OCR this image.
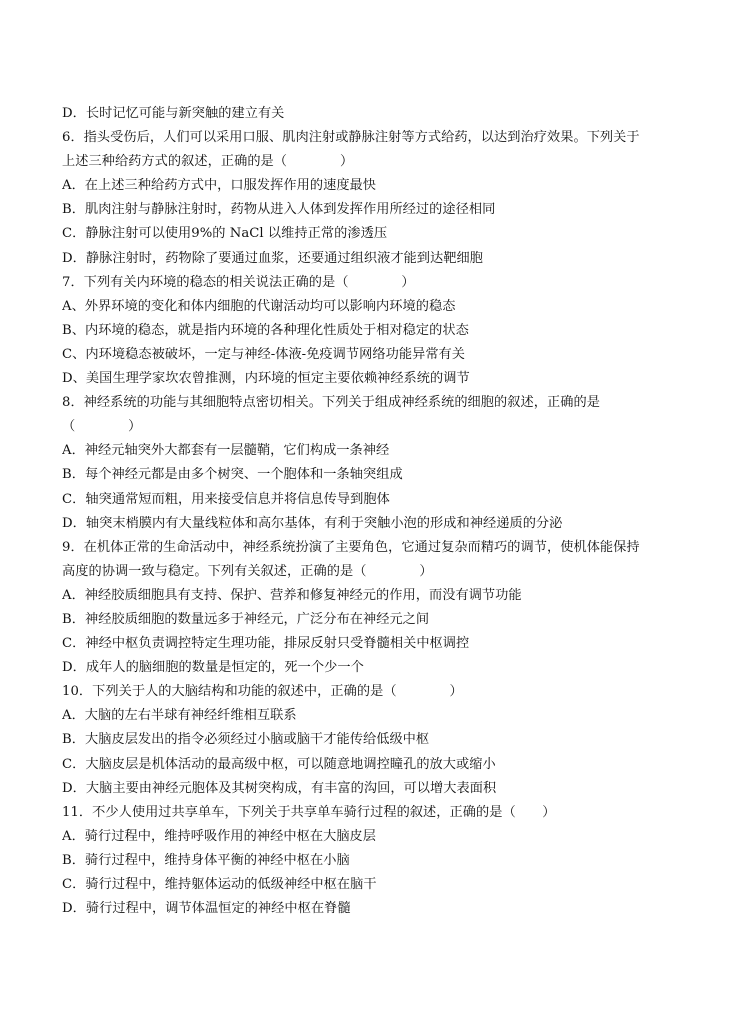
D．长时记忆可能与新突触的建立有关
6．指头受伤后，人们可以采用口服、肌肉注射或静脉注射等方式给药，以达到治疗效果。下列关于
上述三种给药方式的叙述，正确的是（　　　　）
A．在上述三种给药方式中，口服发挥作用的速度最快
B．肌肉注射与静脉注射时，药物从进入人体到发挥作用所经过的途径相同
C．静脉注射可以使用9%的 NaCl 以维持正常的渗透压
D．静脉注射时，药物除了要通过血浆，还要通过组织液才能到达靶细胞
7．下列有关内环境的稳态的相关说法正确的是（　　　　）
A、外界环境的变化和体内细胞的代谢活动均可以影响内环境的稳态
B、内环境的稳态，就是指内环境的各种理化性质处于相对稳定的状态
C、内环境稳态被破坏，一定与神经-体液-免疫调节网络功能异常有关
D、美国生理学家坎农曾推测，内环境的恒定主要依赖神经系统的调节
8．神经系统的功能与其细胞特点密切相关。下列关于组成神经系统的细胞的叙述，正确的是
（　　　　）
A．神经元轴突外大都套有一层髓鞘，它们构成一条神经
B．每个神经元都是由多个树突、一个胞体和一条轴突组成
C．轴突通常短而粗，用来接受信息并将信息传导到胞体
D．轴突末梢膜内有大量线粒体和高尔基体，有利于突触小泡的形成和神经递质的分泌
9．在机体正常的生命活动中，神经系统扮演了主要角色，它通过复杂而精巧的调节，使机体能保持
高度的协调一致与稳定。下列有关叙述，正确的是（　　　　）
A．神经胶质细胞具有支持、保护、营养和修复神经元的作用，而没有调节功能
B．神经胶质细胞的数量远多于神经元，广泛分布在神经元之间
C．神经中枢负责调控特定生理功能，排尿反射只受脊髓相关中枢调控
D．成年人的脑细胞的数量是恒定的，死一个少一个
10．下列关于人的大脑结构和功能的叙述中，正确的是（　　　　）
A．大脑的左右半球有神经纤维相互联系
B．大脑皮层发出的指令必须经过小脑或脑干才能传给低级中枢
C．大脑皮层是机体活动的最高级中枢，可以随意地调控瞳孔的放大或缩小
D．大脑主要由神经元胞体及其树突构成，有丰富的沟回，可以增大表面积
11．不少人使用过共享单车，下列关于共享单车骑行过程的叙述，正确的是（　　）
A．骑行过程中，维持呼吸作用的神经中枢在大脑皮层
B．骑行过程中，维持身体平衡的神经中枢在小脑
C．骑行过程中，维持躯体运动的低级神经中枢在脑干
D．骑行过程中，调节体温恒定的神经中枢在脊髓
